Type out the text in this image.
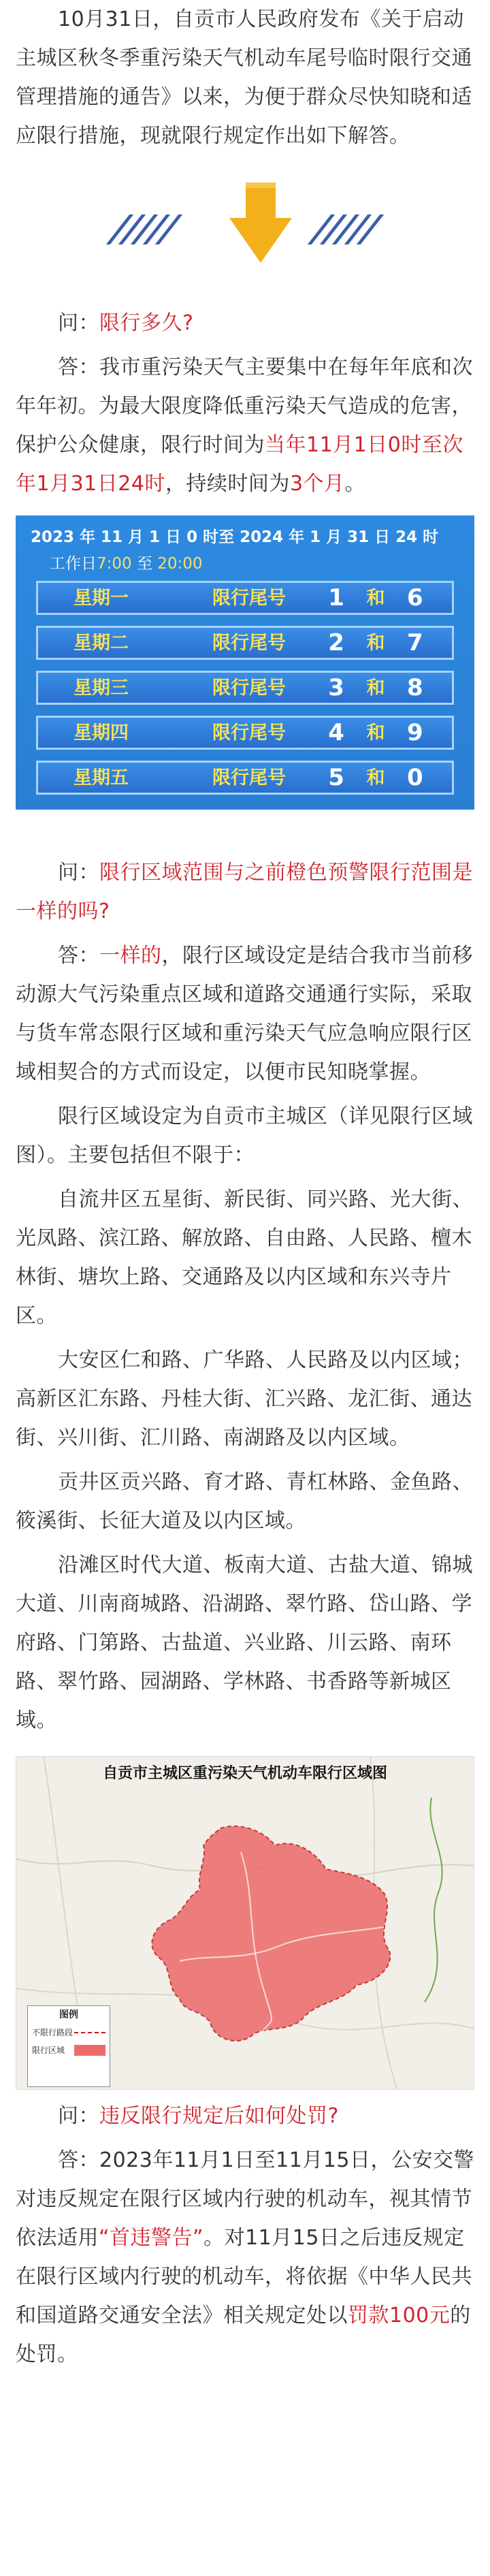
10月31日，自贡市人民政府发布《关于启动主城区秋冬季重污染天气机动车尾号临时限行交通管理措施的通告》以来，为便于群众尽快知晓和适应限行措施，现就限行规定作出如下解答。

问：限行多久?

答：我市重污染天气主要集中在每年年底和次年年初。为最大限度降低重污染天气造成的危害，保护公众健康，限行时间为当年11月1日0时至次年1月31日24时，持续时间为3个月。

2023 年 11 月 1 日 0 时至 2024 年 1 月 31 日 24 时
工作日7:00 至 20:00
星期一	限行尾号	1 和 6
星期二	限行尾号	2 和 7
星期三	限行尾号	3 和 8
星期四	限行尾号	4 和 9
星期五	限行尾号	5 和 0

问：限行区域范围与之前橙色预警限行范围是一样的吗?

答：一样的，限行区域设定是结合我市当前移动源大气污染重点区域和道路交通通行实际，采取与货车常态限行区域和重污染天气应急响应限行区域相契合的方式而设定，以便市民知晓掌握。

限行区域设定为自贡市主城区（详见限行区域图）。主要包括但不限于：

自流井区五星街、新民街、同兴路、光大街、光凤路、滨江路、解放路、自由路、人民路、檀木林街、塘坎上路、交通路及以内区域和东兴寺片区。

大安区仁和路、广华路、人民路及以内区域；高新区汇东路、丹桂大街、汇兴路、龙汇街、通达街、兴川街、汇川路、南湖路及以内区域。

贡井区贡兴路、育才路、青杠林路、金鱼路、筱溪街、长征大道及以内区域。

沿滩区时代大道、板南大道、古盐大道、锦城大道、川南商城路、沿湖路、翠竹路、岱山路、学府路、门第路、古盐道、兴业路、川云路、南环路、翠竹路、园湖路、学林路、书香路等新城区域。

自贡市主城区重污染天气机动车限行区域图
图例
不限行路段
限行区域

问：违反限行规定后如何处罚?

答：2023年11月1日至11月15日，公安交警对违反规定在限行区域内行驶的机动车，视其情节依法适用“首违警告”。对11月15日之后违反规定在限行区域内行驶的机动车，将依据《中华人民共和国道路交通安全法》相关规定处以罚款100元的处罚。
